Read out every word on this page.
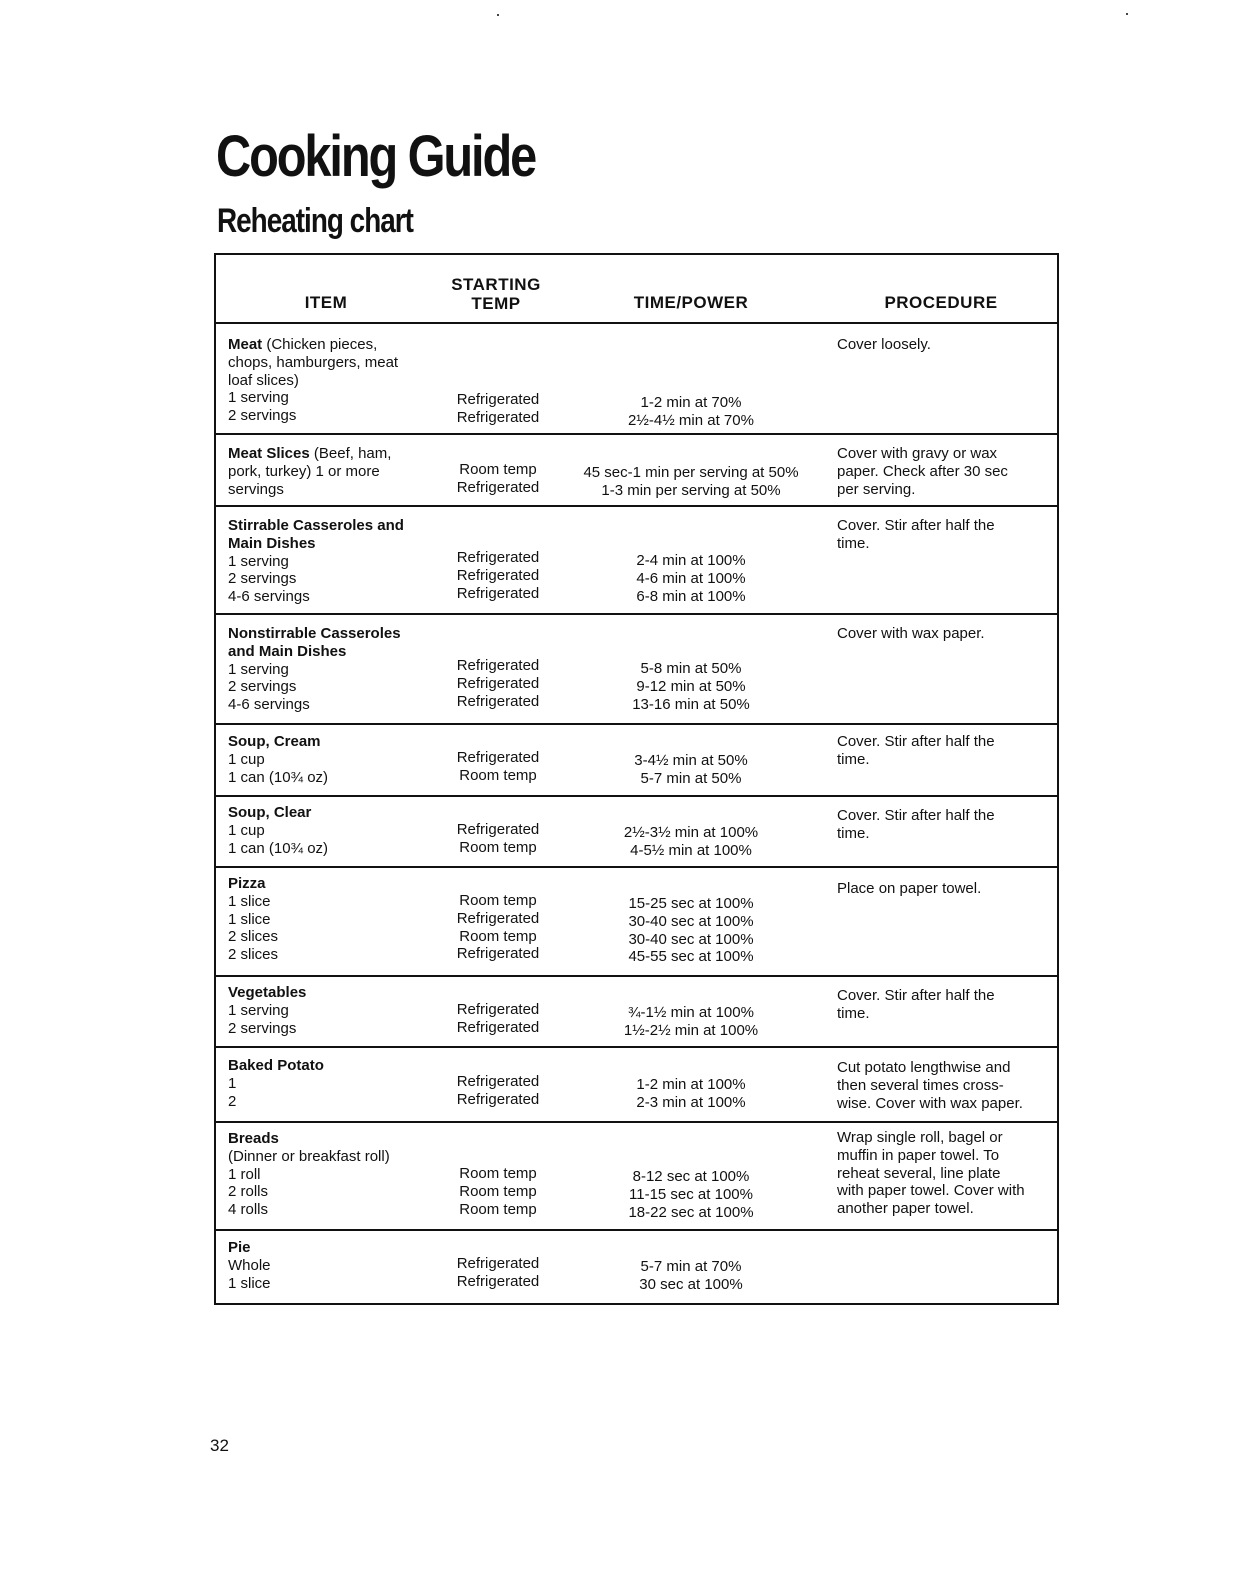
Cooking Guide
Reheating chart
ITEM
STARTING
TEMP	TIME/POWER	PROCEDURE
Meat (Chicken pieces,
chops, hamburgers, meat
loaf slices)
1 serving
2 servings
Refrigerated
Refrigerated
1-2 min at 70%
2½-4½ min at 70%
Cover loosely.
Meat Slices (Beef, ham,
pork, turkey) 1 or more
servings
Room temp
Refrigerated
45 sec-1 min per serving at 50%
1-3 min per serving at 50%
Cover with gravy or wax
paper. Check after 30 sec
per serving.
Stirrable Casseroles and
Main Dishes
1 serving
2 servings
4-6 servings
Refrigerated
Refrigerated
Refrigerated
2-4 min at 100%
4-6 min at 100%
6-8 min at 100%
Cover. Stir after half the
time.
Nonstirrable Casseroles
and Main Dishes
1 serving
2 servings
4-6 servings
Refrigerated
Refrigerated
Refrigerated
5-8 min at 50%
9-12 min at 50%
13-16 min at 50%
Cover with wax paper.
Soup, Cream
1 cup
1 can (10¾ oz)
Refrigerated
Room temp
3-4½ min at 50%
5-7 min at 50%
Cover. Stir after half the
time.
Soup, Clear
1 cup
1 can (10¾ oz)
Refrigerated
Room temp
2½-3½ min at 100%
4-5½ min at 100%
Cover. Stir after half the
time.
Pizza
1 slice
1 slice
2 slices
2 slices
Room temp
Refrigerated
Room temp
Refrigerated
15-25 sec at 100%
30-40 sec at 100%
30-40 sec at 100%
45-55 sec at 100%
Place on paper towel.
Vegetables
1 serving
2 servings
Refrigerated
Refrigerated
¾-1½ min at 100%
1½-2½ min at 100%
Cover. Stir after half the
time.
Baked Potato
1
2
Refrigerated
Refrigerated
1-2 min at 100%
2-3 min at 100%
Cut potato lengthwise and
then several times cross-
wise. Cover with wax paper.
Breads
(Dinner or breakfast roll)
1 roll
2 rolls
4 rolls
Room temp
Room temp
Room temp
8-12 sec at 100%
11-15 sec at 100%
18-22 sec at 100%
Wrap single roll, bagel or
muffin in paper towel. To
reheat several, line plate
with paper towel. Cover with
another paper towel.
Pie
Whole
1 slice
Refrigerated
Refrigerated
5-7 min at 70%
30 sec at 100%
32
